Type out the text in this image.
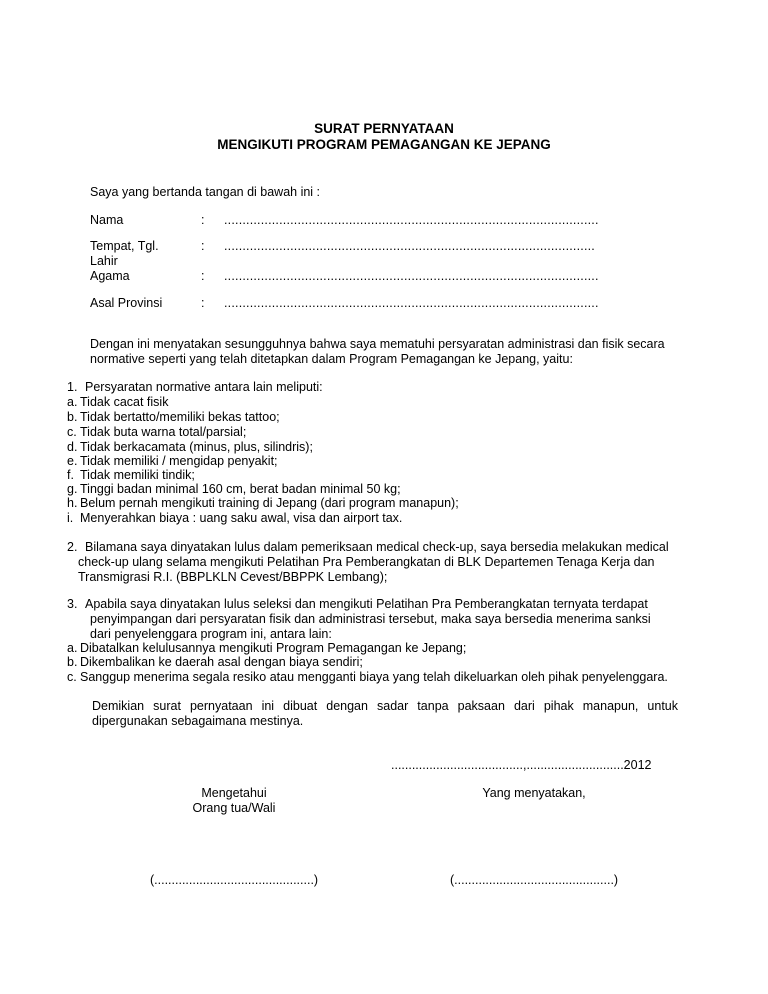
SURAT PERNYATAAN
MENGIKUTI PROGRAM PEMAGANGAN KE JEPANG
Saya yang bertanda tangan di bawah ini :
Nama	: ......................................................................................................
Tempat, Tgl.
Lahir
: .....................................................................................................
Agama	: ......................................................................................................
Asal Provinsi	: ......................................................................................................
Dengan ini menyatakan sesungguhnya bahwa saya mematuhi persyaratan administrasi dan fisik secara
normative seperti yang telah ditetapkan dalam Program Pemagangan ke Jepang, yaitu:
1. Persyaratan normative antara lain meliputi:
a. Tidak cacat fisik
b. Tidak bertatto/memiliki bekas tattoo;
c. Tidak buta warna total/parsial;
d. Tidak berkacamata (minus, plus, silindris);
e. Tidak memiliki / mengidap penyakit;
f. Tidak memiliki tindik;
g. Tinggi badan minimal 160 cm, berat badan minimal 50 kg;
h. Belum pernah mengikuti training di Jepang (dari program manapun);
i. Menyerahkan biaya : uang saku awal, visa dan airport tax.
2. Bilamana saya dinyatakan lulus dalam pemeriksaan medical check-up, saya bersedia melakukan medical
check-up ulang selama mengikuti Pelatihan Pra Pemberangkatan di BLK Departemen Tenaga Kerja dan
Transmigrasi R.I. (BBPLKLN Cevest/BBPPK Lembang);
3. Apabila saya dinyatakan lulus seleksi dan mengikuti Pelatihan Pra Pemberangkatan ternyata terdapat
penyimpangan dari persyaratan fisik dan administrasi tersebut, maka saya bersedia menerima sanksi
dari penyelenggara program ini, antara lain:
a. Dibatalkan kelulusannya mengikuti Program Pemagangan ke Jepang;
b. Dikembalikan ke daerah asal dengan biaya sendiri;
c. Sanggup menerima segala resiko atau mengganti biaya yang telah dikeluarkan oleh pihak penyelenggara.
Demikian surat pernyataan ini dibuat dengan sadar tanpa paksaan dari pihak manapun, untuk
dipergunakan sebagaimana mestinya.
......................................,............................2012
Mengetahui
Orang tua/Wali
Yang menyatakan,
(..............................................)	(..............................................)
